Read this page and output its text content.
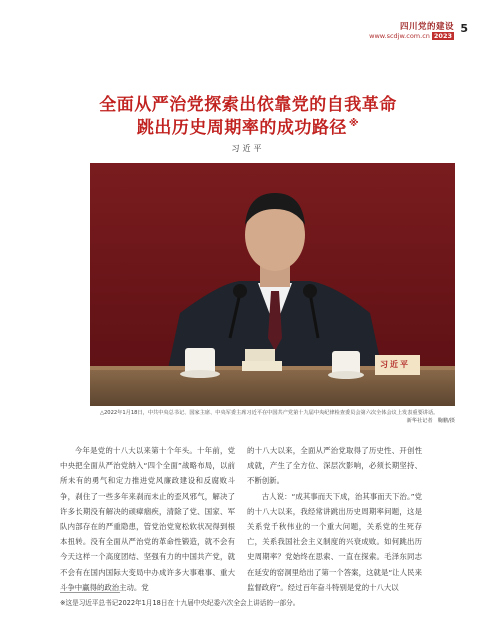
四川党的建设
www.scdjw.com.cn 2023
5
全面从严治党探索出依靠党的自我革命
跳出历史周期率的成功路径 ※
习近平
习近平
△2022年1月18日，中共中央总书记、国家主席、中央军委主席习近平在中国共产党第十九届中央纪律检查委员会第六次全体会议上发表重要讲话。
新华社记者　鞠鹏/摄

今年是党的十八大以来第十个年头。十年前，党中央把全面从严治党纳入“四个全面”战略布局，以前所未有的勇气和定力推进党风廉政建设和反腐败斗争，刹住了一些多年来刹而未止的歪风邪气，解决了许多长期没有解决的顽瘴痼疾，清除了党、国家、军队内部存在的严重隐患，管党治党宽松软状况得到根本扭转。没有全面从严治党的革命性锻造，就不会有今天这样一个高度团结、坚强有力的中国共产党，就不会有在国内国际大变局中办成许多大事难事、重大斗争中赢得的政治主动。党

的十八大以来，全面从严治党取得了历史性、开创性成就，产生了全方位、深层次影响，必须长期坚持、不断创新。

古人说：“成其事而天下成，治其事而天下治。”党的十八大以来，我经常讲跳出历史周期率问题，这是关系党千秋伟业的一个重大问题，关系党的生死存亡，关系我国社会主义制度的兴衰成败。如何跳出历史周期率？党始终在思索、一直在探索。毛泽东同志在延安的窑洞里给出了第一个答案，这就是“让人民来监督政府”。经过百年奋斗特别是党的十八大以

※这是习近平总书记2022年1月18日在十九届中央纪委六次全会上讲话的一部分。
